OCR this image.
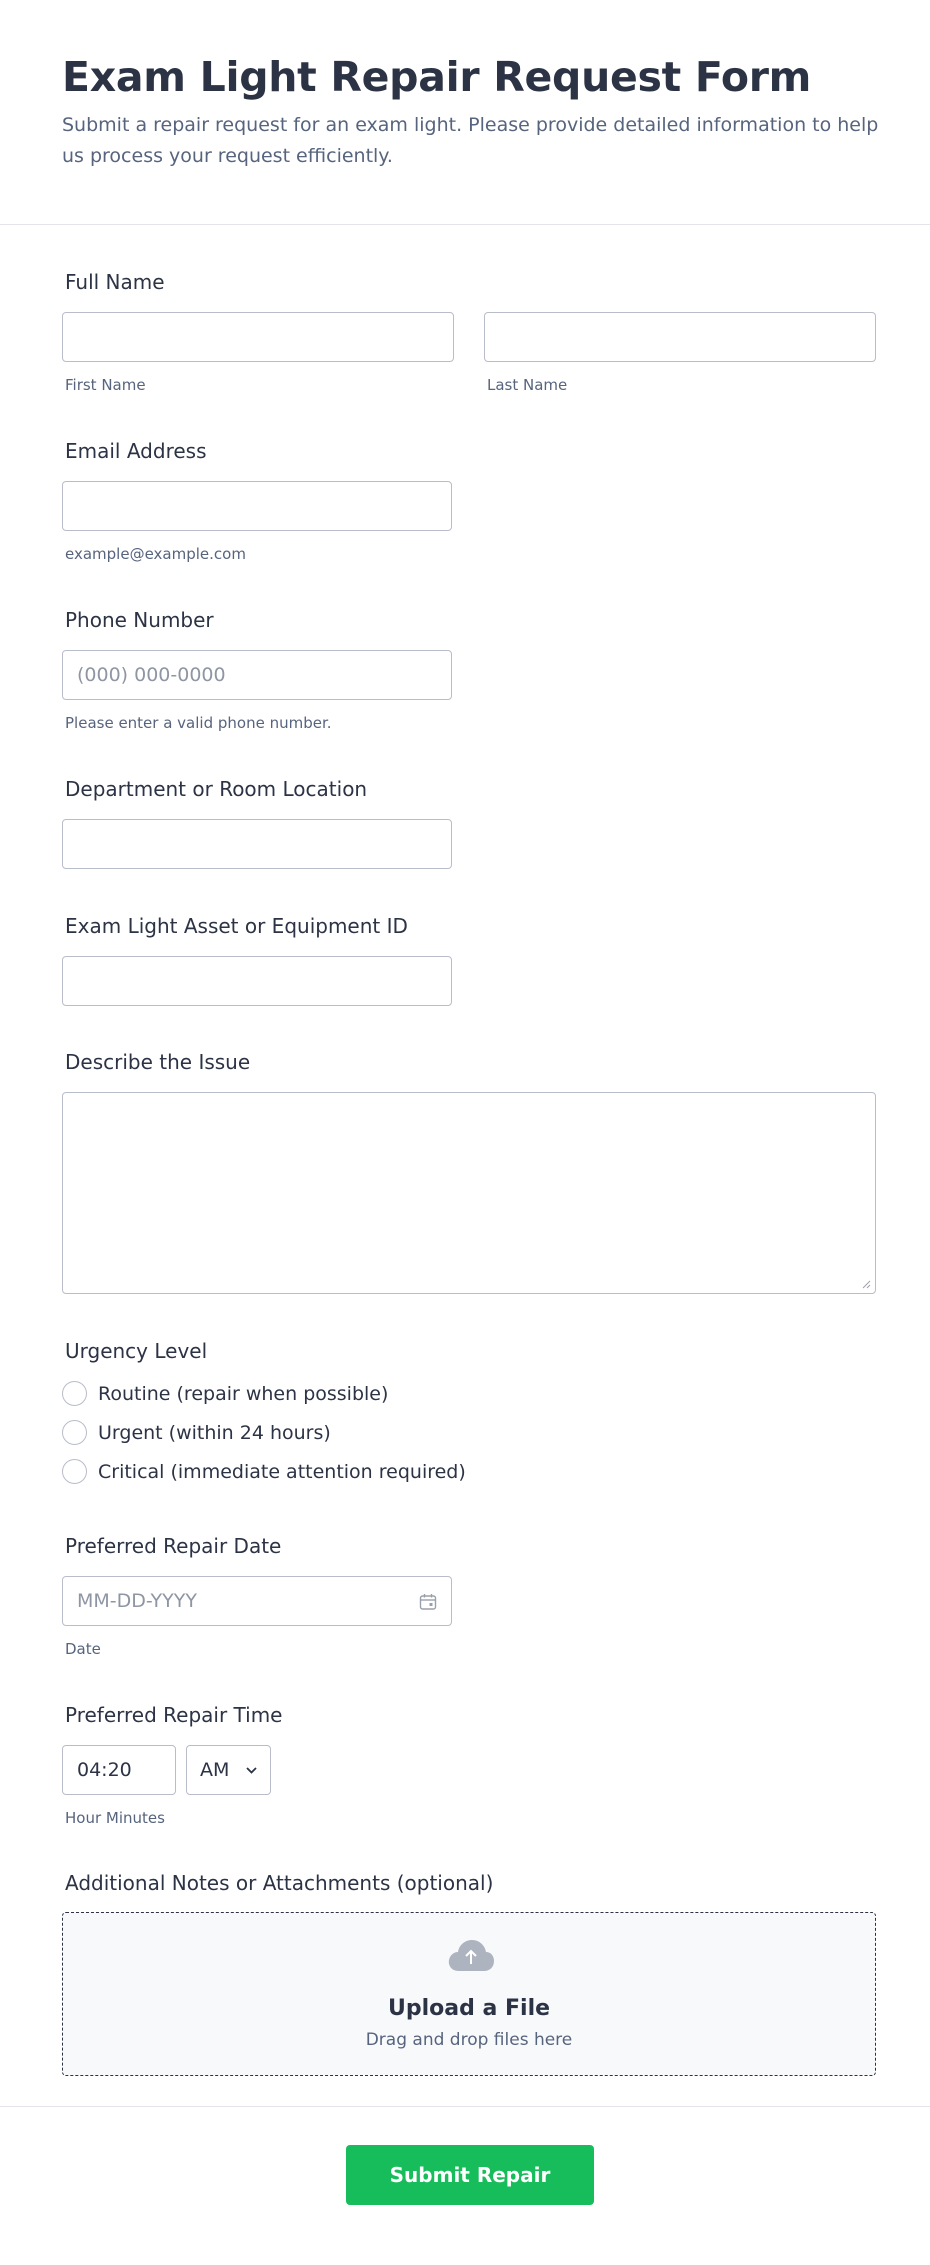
Exam Light Repair Request Form

Submit a repair request for an exam light. Please provide detailed information to help us process your request efficiently.

Full Name
First Name	Last Name
Email Address
example@example.com
Phone Number
(000) 000-0000
Please enter a valid phone number.
Department or Room Location
Exam Light Asset or Equipment ID
Describe the Issue
Urgency Level
Routine (repair when possible)
Urgent (within 24 hours)
Critical (immediate attention required)
Preferred Repair Date
MM-DD-YYYY
Date
Preferred Repair Time
04:20	AM
Hour Minutes
Additional Notes or Attachments (optional)
Upload a File
Drag and drop files here
Submit Repair Request
